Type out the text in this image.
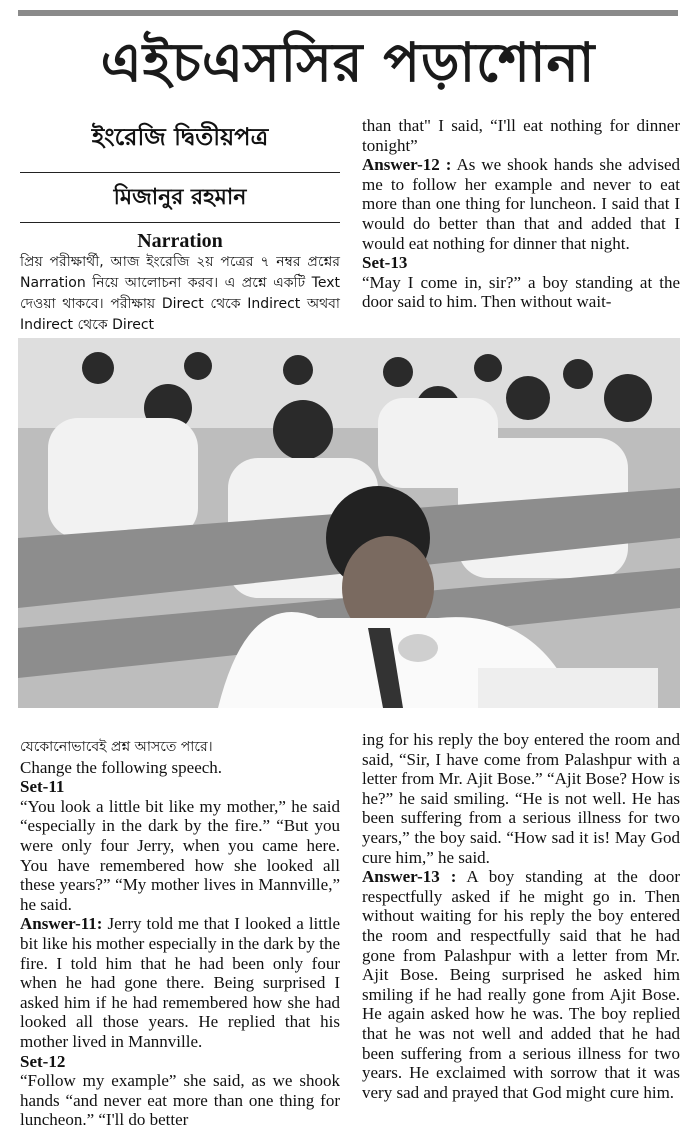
এইচএসসির পড়াশোনা
ইংরেজি দ্বিতীয়পত্র
মিজানুর রহমান

Narration

প্রিয় পরীক্ষার্থী, আজ ইংরেজি ২য় পত্রের ৭ নম্বর প্রশ্নের Narration নিয়ে আলোচনা করব। এ প্রশ্নে একটি Text দেওয়া থাকবে। পরীক্ষায় Direct থেকে Indirect অথবা Indirect থেকে Direct

than that" I said, “I'll eat nothing for dinner tonight”

Answer-12 : As we shook hands she advised me to follow her example and never to eat more than one thing for luncheon. I said that I would do better than that and added that I would eat nothing for dinner that night.

Set-13

“May I come in, sir?” a boy standing at the door said to him. Then without wait-

যেকোনোভাবেই প্রশ্ন আসতে পারে।

Change the following speech.

Set-11

“You look a little bit like my mother,” he said “especially in the dark by the fire.” “But you were only four Jerry, when you came here. You have remembered how she looked all these years?” “My mother lives in Mannville,” he said.

Answer-11: Jerry told me that I looked a little bit like his mother especially in the dark by the fire. I told him that he had been only four when he had gone there. Being surprised I asked him if he had remembered how she had looked all those years. He replied that his mother lived in Mannville.

Set-12

“Follow my example” she said, as we shook hands “and never eat more than one thing for luncheon.” “I'll do better

ing for his reply the boy entered the room and said, “Sir, I have come from Palashpur with a letter from Mr. Ajit Bose.” “Ajit Bose? How is he?” he said smiling. “He is not well. He has been suffering from a serious illness for two years,” the boy said. “How sad it is! May God cure him,” he said.

Answer-13 : A boy standing at the door respectfully asked if he might go in. Then without waiting for his reply the boy entered the room and respectfully said that he had gone from Palashpur with a letter from Mr. Ajit Bose. Being surprised he asked him smiling if he had really gone from Ajit Bose. He again asked how he was. The boy replied that he was not well and added that he had been suffering from a serious illness for two years. He exclaimed with sorrow that it was very sad and prayed that God might cure him.
